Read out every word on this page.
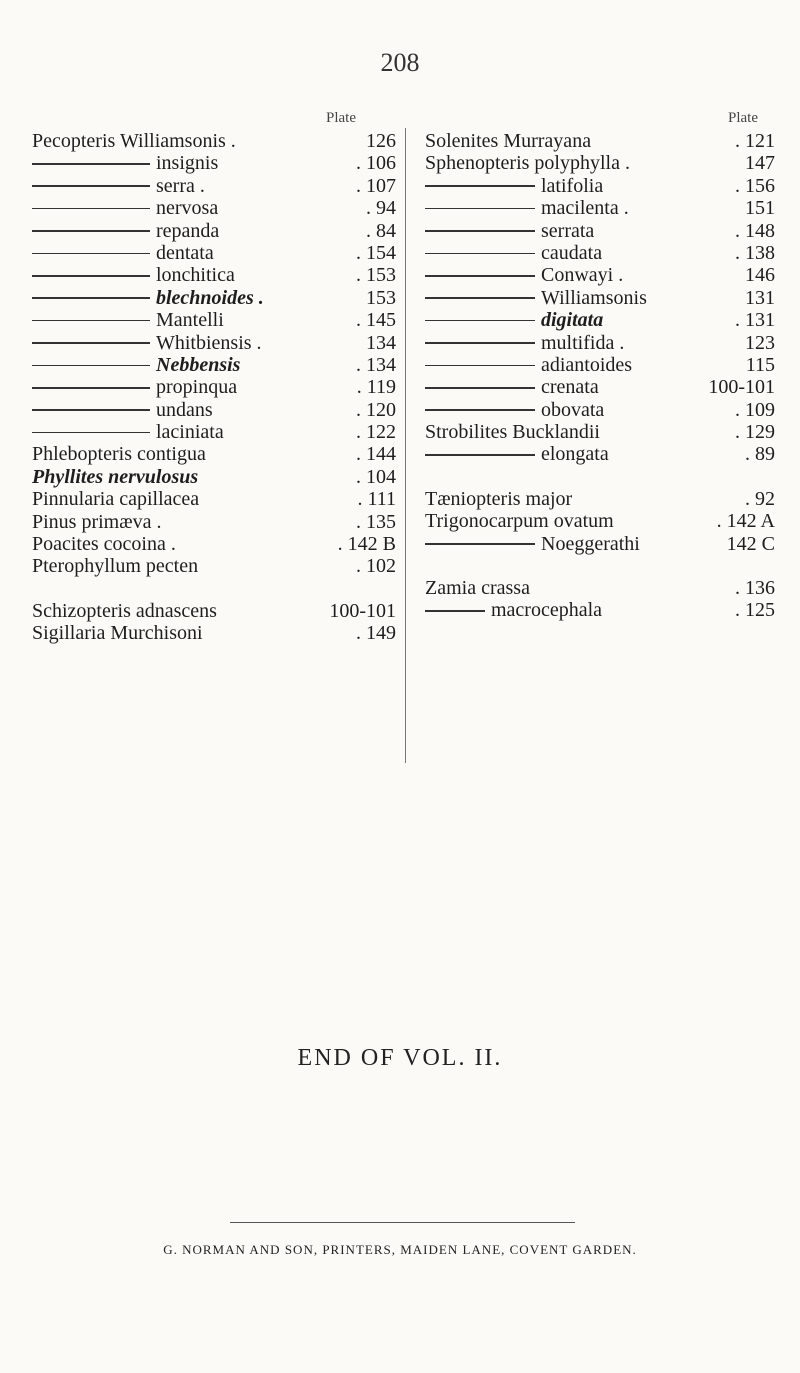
208
Plate	Plate
Pecopteris Williamsonis .	126
insignis	. 106
serra .	. 107
nervosa	. 94
repanda	. 84
dentata	. 154
lonchitica	. 153
blechnoides .	153
Mantelli	. 145
Whitbiensis .	134
Nebbensis	. 134
propinqua	. 119
undans	. 120
laciniata	. 122
Phlebopteris contigua	. 144
Phyllites nervulosus	. 104
Pinnularia capillacea	. 111
Pinus primæva .	. 135
Poacites cocoina .	. 142 B
Pterophyllum pecten	. 102
Schizopteris adnascens	100-101
Sigillaria Murchisoni	. 149
Solenites Murrayana	. 121
Sphenopteris polyphylla .	147
latifolia	. 156
macilenta .	151
serrata	. 148
caudata	. 138
Conwayi .	146
Williamsonis	131
digitata	. 131
multifida .	123
adiantoides	115
crenata	100-101
obovata	. 109
Strobilites Bucklandii	. 129
elongata	. 89
Tæniopteris major	. 92
Trigonocarpum ovatum	. 142 A
Noeggerathi	142 C
Zamia crassa	. 136
macrocephala	. 125
END OF VOL. II.
G. NORMAN AND SON, PRINTERS, MAIDEN LANE, COVENT GARDEN.
